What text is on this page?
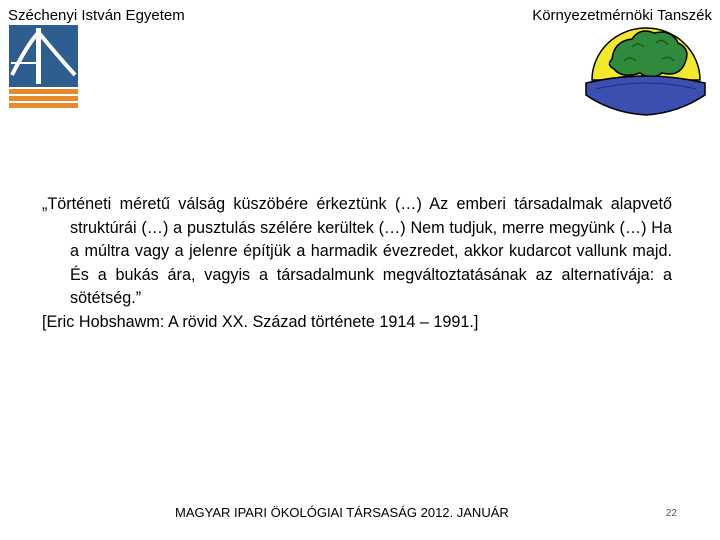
Széchenyi István Egyetem	Környezetmérnöki Tanszék

„Történeti méretű válság küszöbére érkeztünk (…) Az emberi társadalmak alapvető struktúrái (…) a pusztulás szélére kerültek (…) Nem tudjuk, merre megyünk (…) Ha a múltra vagy a jelenre építjük a harmadik évezredet, akkor kudarcot vallunk majd. És a bukás ára, vagyis a társadalmunk megváltoztatásának az alternatívája: a sötétség.”

[Eric Hobshawm: A rövid XX. Század története 1914 – 1991.]

MAGYAR IPARI ÖKOLÓGIAI TÁRSASÁG 2012. JANUÁR	22
